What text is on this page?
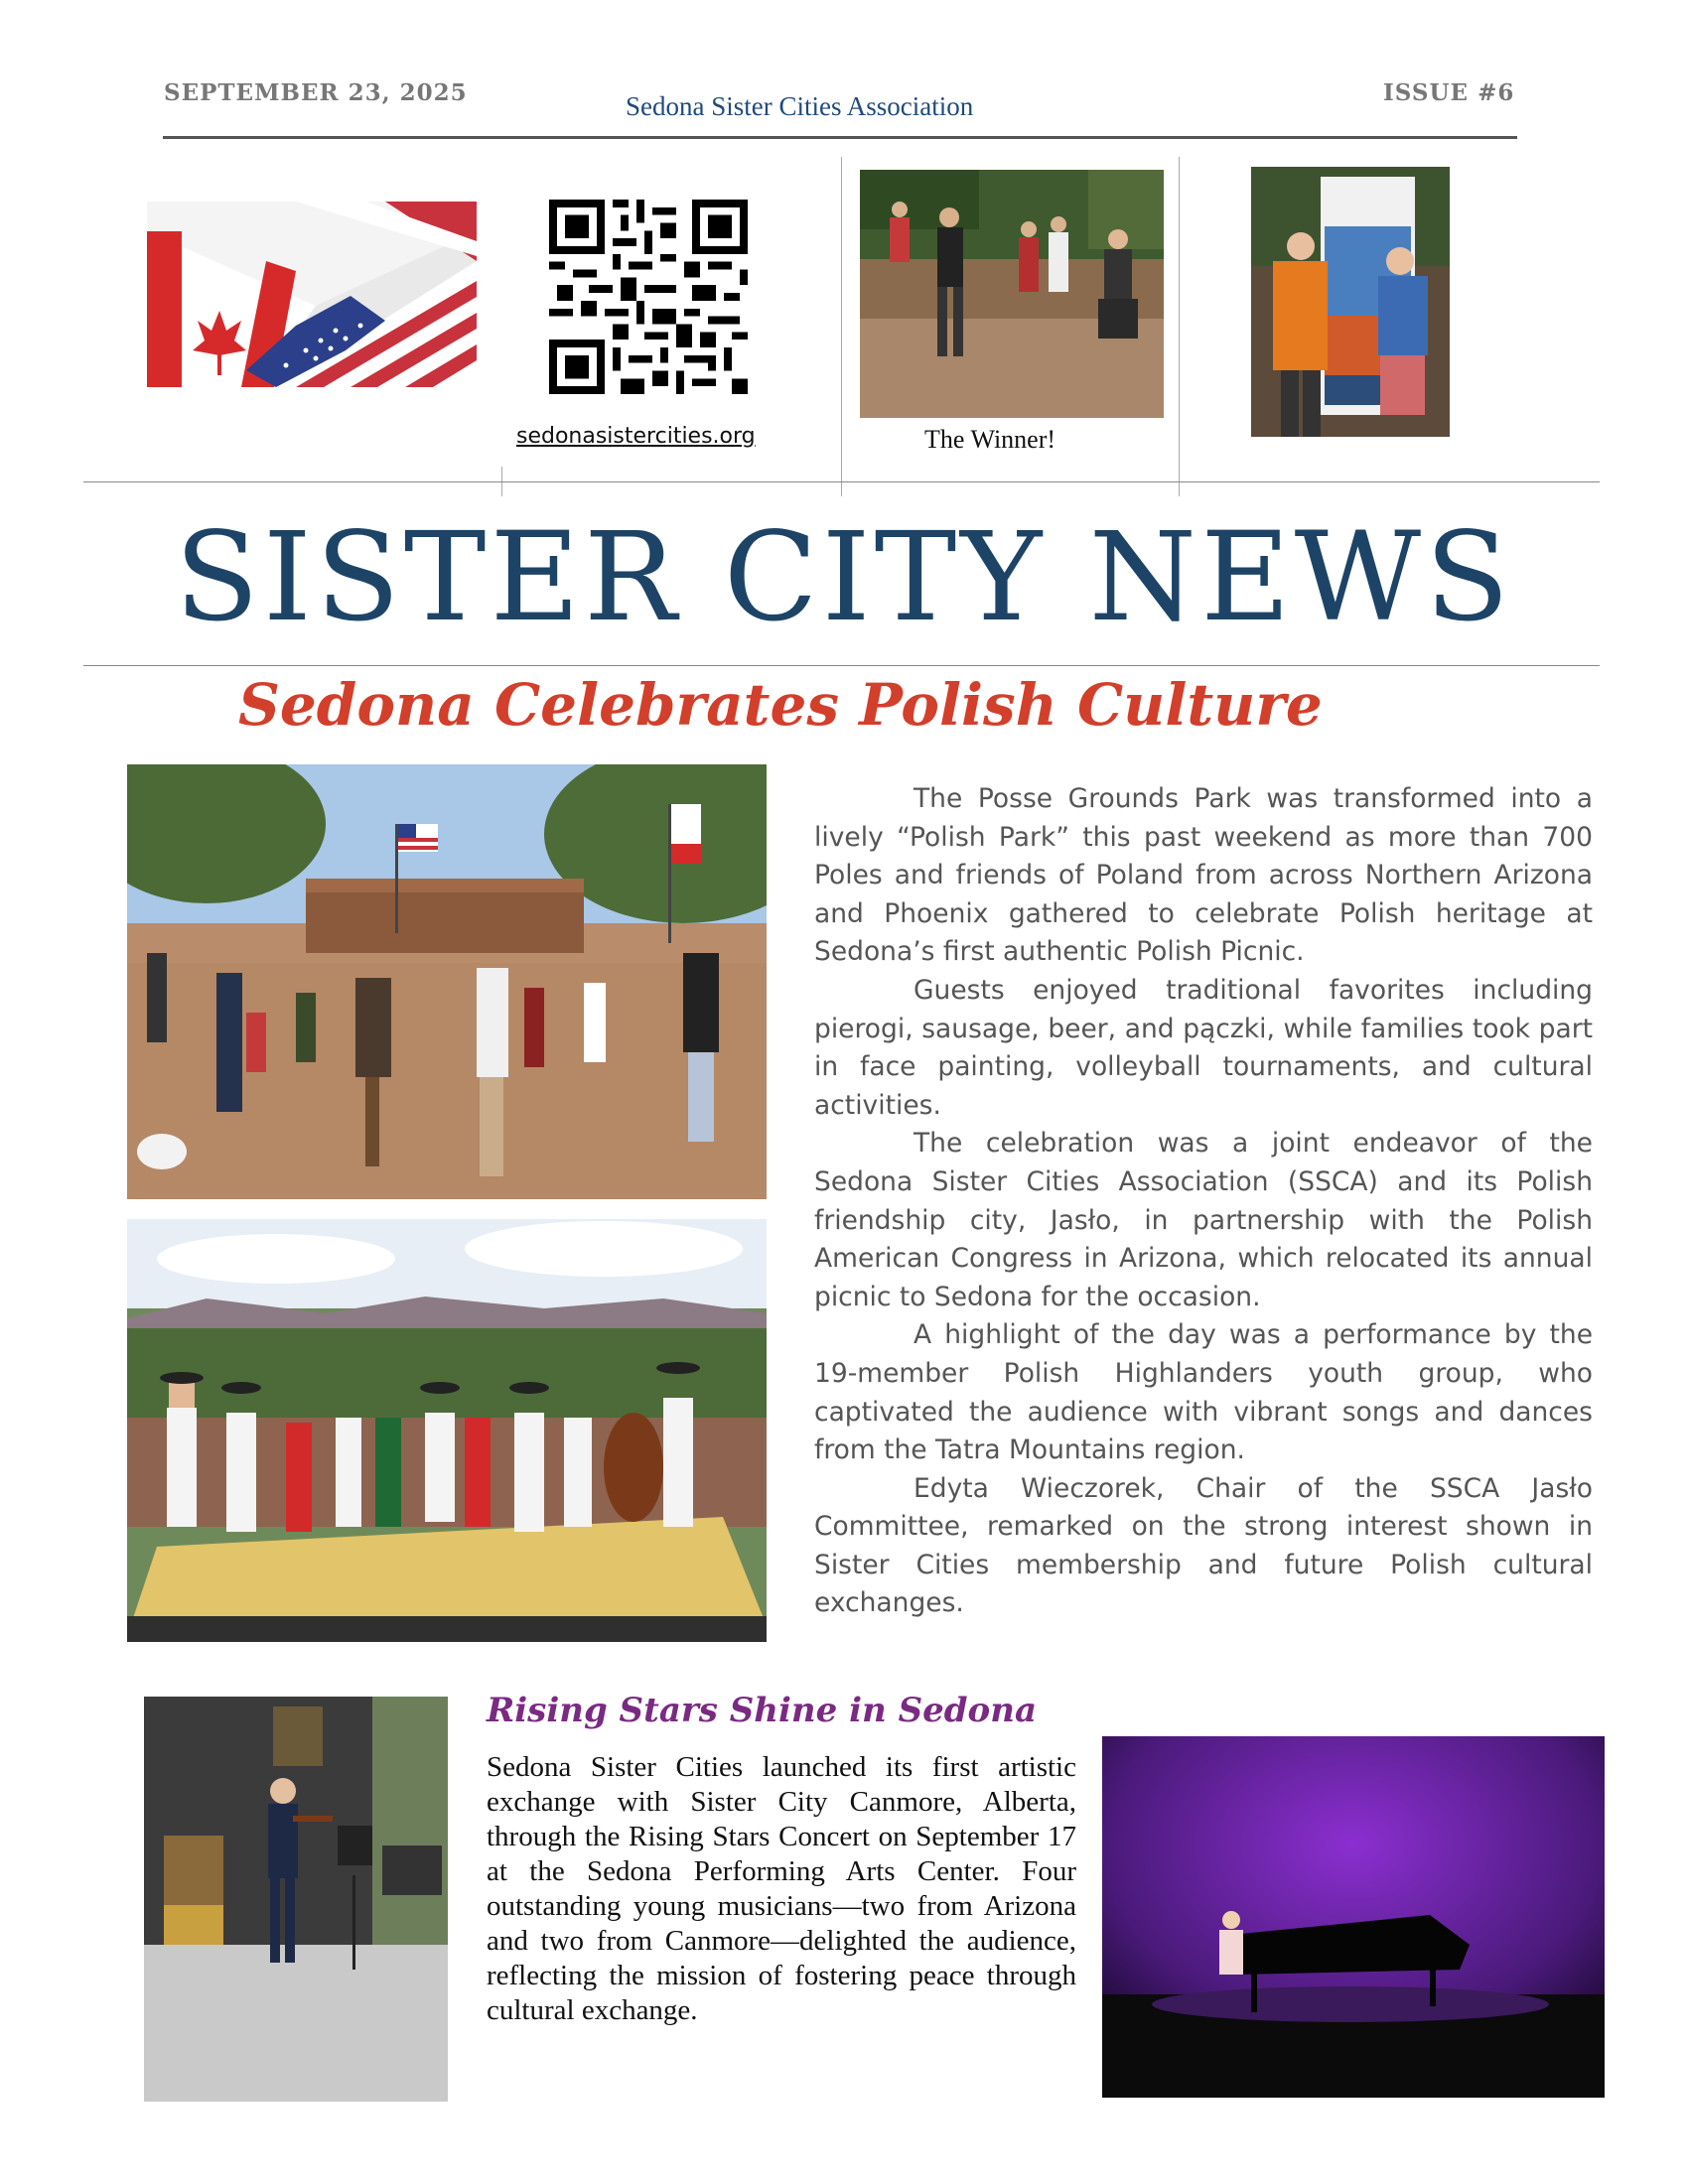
SEPTEMBER 23, 2025	Sedona Sister Cities Association	ISSUE #6
sedonasistercities.org	The Winner!
SISTER CITY NEWS
Sedona Celebrates Polish Culture

The Posse Grounds Park was transformed into a lively “Polish Park” this past weekend as more than 700 Poles and friends of Poland from across Northern Arizona and Phoenix gathered to celebrate Polish heritage at Sedona’s first authentic Polish Picnic.

Guests enjoyed traditional favorites including pierogi, sausage, beer, and pączki, while families took part in face painting, volleyball tournaments, and cultural activities.

The celebration was a joint endeavor of the Sedona Sister Cities Association (SSCA) and its Polish friendship city, Jasło, in partnership with the Polish American Congress in Arizona, which relocated its annual picnic to Sedona for the occasion.

A highlight of the day was a performance by the 19-member Polish Highlanders youth group, who captivated the audience with vibrant songs and dances from the Tatra Mountains region.

Edyta Wieczorek, Chair of the SSCA Jasło Committee, remarked on the strong interest shown in Sister Cities membership and future Polish cultural exchanges.

Rising Stars Shine in Sedona

Sedona Sister Cities launched its first artistic exchange with Sister City Canmore, Alberta, through the Rising Stars Concert on September 17 at the Sedona Performing Arts Center. Four outstanding young musicians—two from Arizona and two from Canmore—delighted the audience, reflecting the mission of fostering peace through cultural exchange.
